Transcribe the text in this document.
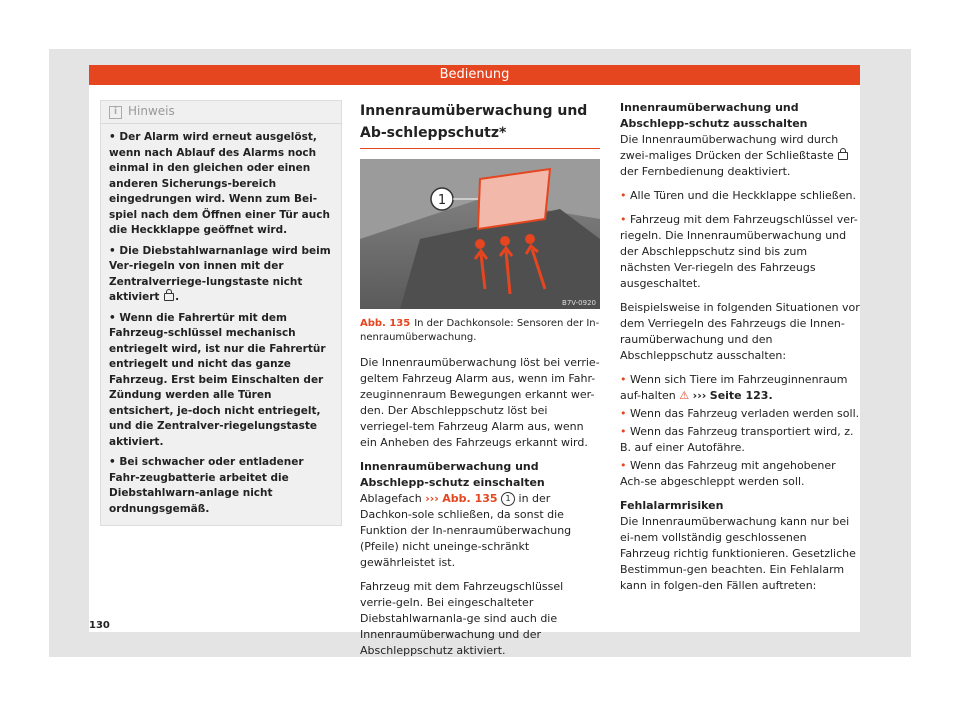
Bedienung
i Hinweis

• Der Alarm wird erneut ausgelöst, wenn nach Ablauf des Alarms noch einmal in den gleichen oder einen anderen Sicherungs-bereich eingedrungen wird. Wenn zum Bei-spiel nach dem Öffnen einer Tür auch die Heckklappe geöffnet wird.

• Die Diebstahlwarnanlage wird beim Ver-riegeln von innen mit der Zentralverriege-lungstaste nicht aktiviert .

• Wenn die Fahrertür mit dem Fahrzeug-schlüssel mechanisch entriegelt wird, ist nur die Fahrertür entriegelt und nicht das ganze Fahrzeug. Erst beim Einschalten der Zündung werden alle Türen entsichert, je-doch nicht entriegelt, und die Zentralver-riegelungstaste aktiviert.

• Bei schwacher oder entladener Fahr-zeugbatterie arbeitet die Diebstahlwarn-anlage nicht ordnungsgemäß.

Innenraumüberwachung und Ab-schleppschutz*
1
B7V-0920
Abb. 135 In der Dachkonsole: Sensoren der In-nenraumüberwachung.

Die Innenraumüberwachung löst bei verrie-geltem Fahrzeug Alarm aus, wenn im Fahr-zeuginnenraum Bewegungen erkannt wer-den. Der Abschleppschutz löst bei verriegel-tem Fahrzeug Alarm aus, wenn ein Anheben des Fahrzeugs erkannt wird.

Innenraumüberwachung und Abschlepp-schutz einschalten

Ablagefach ››› Abb. 135 1 in der Dachkon-sole schließen, da sonst die Funktion der In-nenraumüberwachung (Pfeile) nicht uneinge-schränkt gewährleistet ist.

Fahrzeug mit dem Fahrzeugschlüssel verrie-geln. Bei eingeschalteter Diebstahlwarnanla-ge sind auch die Innenraumüberwachung und der Abschleppschutz aktiviert.

Innenraumüberwachung und Abschlepp-schutz ausschalten

Die Innenraumüberwachung wird durch zwei-maliges Drücken der Schließtaste  der Fernbedienung deaktiviert.

• Alle Türen und die Heckklappe schließen.

• Fahrzeug mit dem Fahrzeugschlüssel ver-riegeln. Die Innenraumüberwachung und der Abschleppschutz sind bis zum nächsten Ver-riegeln des Fahrzeugs ausgeschaltet.

Beispielsweise in folgenden Situationen vor dem Verriegeln des Fahrzeugs die Innen-raumüberwachung und den Abschleppschutz ausschalten:

• Wenn sich Tiere im Fahrzeuginnenraum auf-halten ⚠ ››› Seite 123.

• Wenn das Fahrzeug verladen werden soll.

• Wenn das Fahrzeug transportiert wird, z. B. auf einer Autofähre.

• Wenn das Fahrzeug mit angehobener Ach-se abgeschleppt werden soll.

Fehlalarmrisiken

Die Innenraumüberwachung kann nur bei ei-nem vollständig geschlossenen Fahrzeug richtig funktionieren. Gesetzliche Bestimmun-gen beachten. Ein Fehlalarm kann in folgen-den Fällen auftreten:

130
